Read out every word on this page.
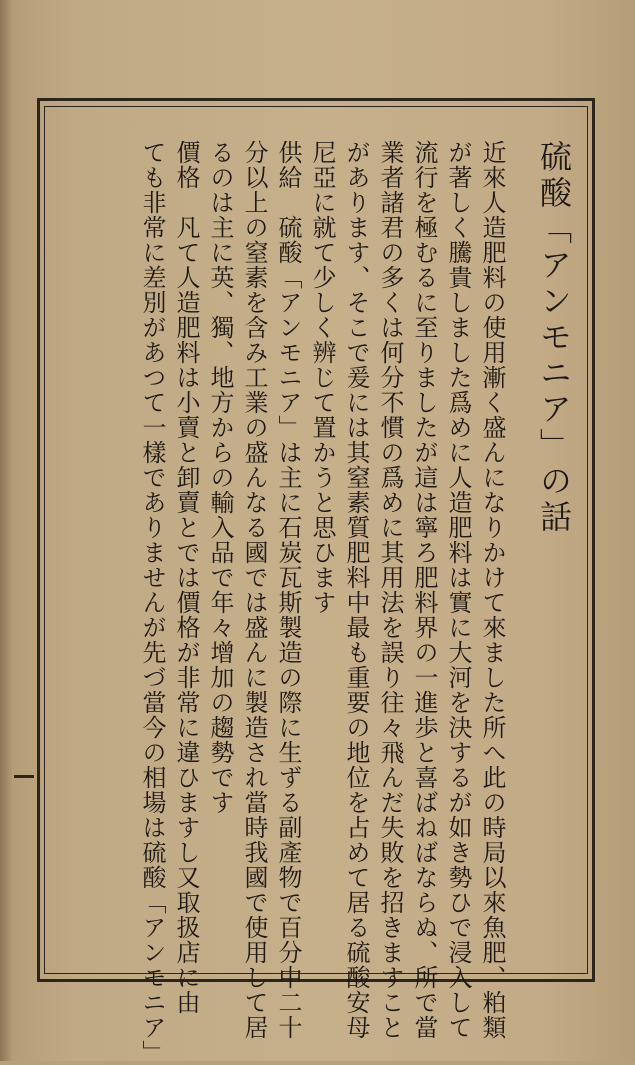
硫酸「アンモニア」の話
近來人造肥料の使用漸く盛んになりかけて來ました所へ此の時局以來魚肥、粕類
が著しく騰貴しました爲めに人造肥料は實に大河を決するが如き勢ひで浸入して
流行を極むるに至りましたが這は寧ろ肥料界の一進歩と喜ばねばならぬ、所で當
業者諸君の多くは何分不慣の爲めに其用法を誤り往々飛んだ失敗を招きますこと
があります、そこで爰には其窒素質肥料中最も重要の地位を占めて居る硫酸安母
尼亞に就て少しく辨じて置かうと思ひます
供給　硫酸「アンモニア」は主に石炭瓦斯製造の際に生ずる副產物で百分中二十
分以上の窒素を含み工業の盛んなる國では盛んに製造され當時我國で使用して居
るのは主に英、獨、地方からの輸入品で年々增加の趨勢です
價格　凡て人造肥料は小賣と卸賣とでは價格が非常に違ひますし又取扱店に由
ても非常に差別があつて一樣でありませんが先づ當今の相場は硫酸「アンモニア」
